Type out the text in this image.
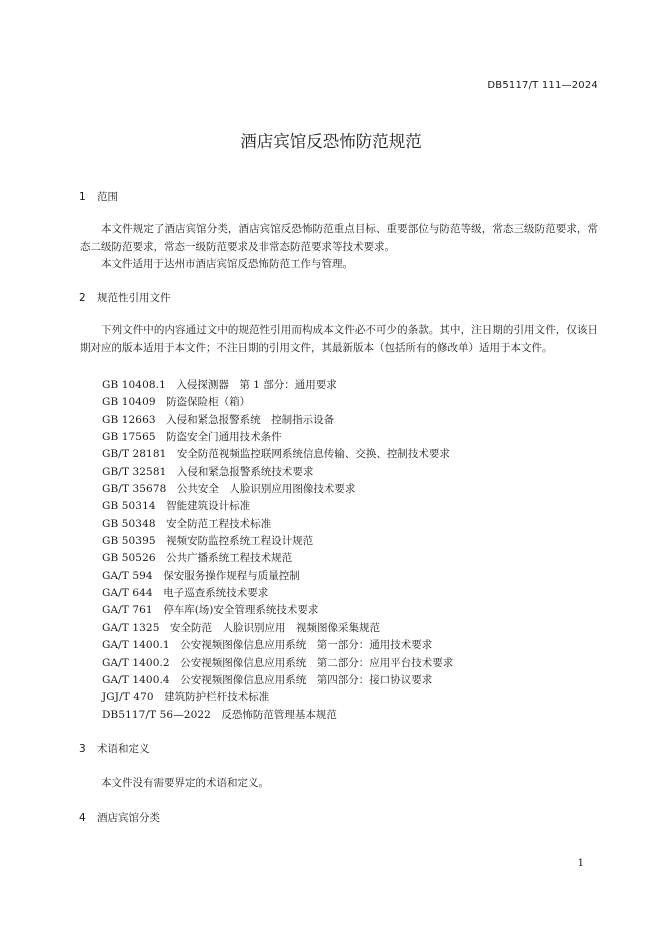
DB5117/T 111—2024
酒店宾馆反恐怖防范规范
1 范围

本文件规定了酒店宾馆分类，酒店宾馆反恐怖防范重点目标、重要部位与防范等级，常态三级防范要求，常态二级防范要求，常态一级防范要求及非常态防范要求等技术要求。

本文件适用于达州市酒店宾馆反恐怖防范工作与管理。

2 规范性引用文件

下列文件中的内容通过文中的规范性引用而构成本文件必不可少的条款。其中，注日期的引用文件，仅该日期对应的版本适用于本文件；不注日期的引用文件，其最新版本（包括所有的修改单）适用于本文件。

GB 10408.1　 入侵探测器　第 1 部分：通用要求
GB 10409　 防盗保险柜（箱）
GB 12663　 入侵和紧急报警系统　控制指示设备
GB 17565　 防盗安全门通用技术条件
GB/T 28181　 安全防范视频监控联网系统信息传输、交换、控制技术要求
GB/T 32581　 入侵和紧急报警系统技术要求
GB/T 35678　 公共安全　人脸识别应用图像技术要求
GB 50314　 智能建筑设计标准
GB 50348　 安全防范工程技术标准
GB 50395　 视频安防监控系统工程设计规范
GB 50526　 公共广播系统工程技术规范
GA/T 594　 保安服务操作规程与质量控制
GA/T 644　 电子巡查系统技术要求
GA/T 761　 停车库(场)安全管理系统技术要求
GA/T 1325　 安全防范　人脸识别应用　视频图像采集规范
GA/T 1400.1　 公安视频图像信息应用系统　第一部分：通用技术要求
GA/T 1400.2　 公安视频图像信息应用系统　第二部分：应用平台技术要求
GA/T 1400.4　 公安视频图像信息应用系统　第四部分：接口协议要求
JGJ/T 470　 建筑防护栏杆技术标准
DB5117/T 56—2022　 反恐怖防范管理基本规范
3 术语和定义

本文件没有需要界定的术语和定义。

4 酒店宾馆分类
1
